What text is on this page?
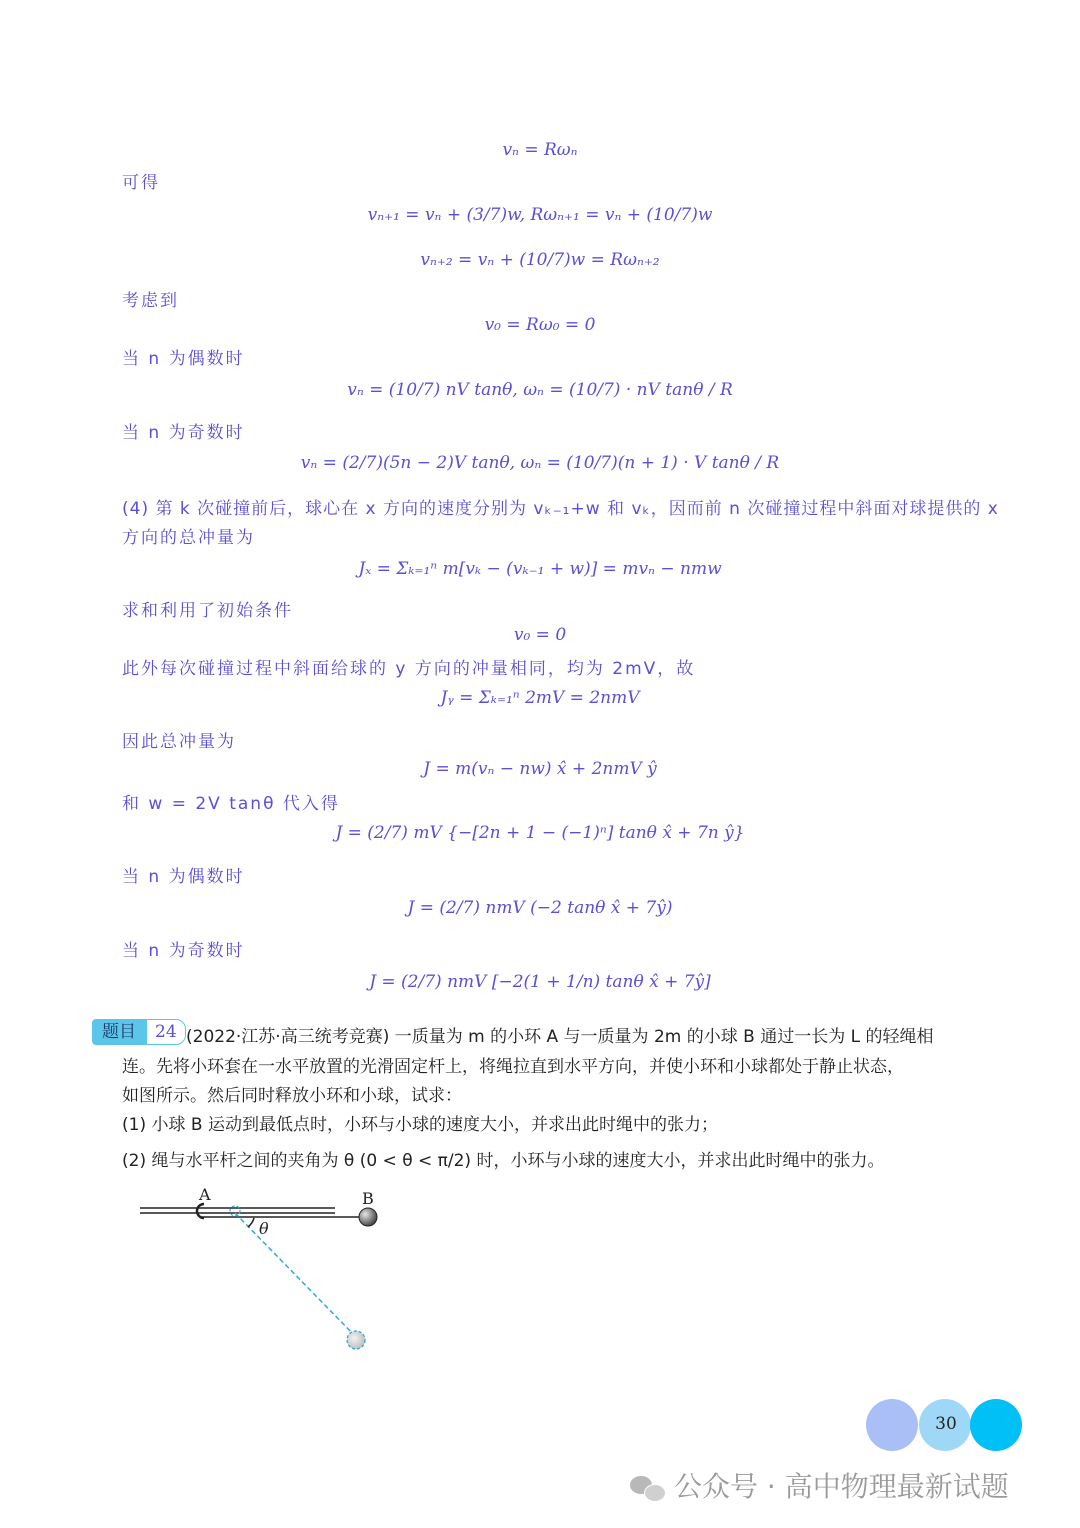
vₙ = Rωₙ
可得
vₙ₊₁ = vₙ + (3/7)w, Rωₙ₊₁ = vₙ + (10/7)w
vₙ₊₂ = vₙ + (10/7)w = Rωₙ₊₂
考虑到
v₀ = Rω₀ = 0
当 n 为偶数时
vₙ = (10/7) nV tanθ, ωₙ = (10/7) · nV tanθ / R
当 n 为奇数时
vₙ = (2/7)(5n − 2)V tanθ, ωₙ = (10/7)(n + 1) · V tanθ / R
(4) 第 k 次碰撞前后，球心在 x 方向的速度分别为 vₖ₋₁+w 和 vₖ，因而前 n 次碰撞过程中斜面对球提供的 x
方向的总冲量为
Jₓ = Σₖ₌₁ⁿ m[vₖ − (vₖ₋₁ + w)] = mvₙ − nmw
求和利用了初始条件
v₀ = 0
此外每次碰撞过程中斜面给球的 y 方向的冲量相同，均为 2mV，故
Jᵧ = Σₖ₌₁ⁿ 2mV = 2nmV
因此总冲量为
J = m(vₙ − nw) x̂ + 2nmV ŷ
和 w = 2V tanθ 代入得
J = (2/7) mV {−[2n + 1 − (−1)ⁿ] tanθ x̂ + 7n ŷ}
当 n 为偶数时
J = (2/7) nmV (−2 tanθ x̂ + 7ŷ)
当 n 为奇数时
J = (2/7) nmV [−2(1 + 1/n) tanθ x̂ + 7ŷ]
题目	24 (2022·江苏·高三统考竞赛) 一质量为 m 的小环 A 与一质量为 2m 的小球 B 通过一长为 L 的轻绳相
连。先将小环套在一水平放置的光滑固定杆上，将绳拉直到水平方向，并使小环和小球都处于静止状态，
如图所示。然后同时释放小环和小球，试求：
(1) 小球 B 运动到最低点时，小环与小球的速度大小，并求出此时绳中的张力；
(2) 绳与水平杆之间的夹角为 θ (0 < θ < π/2) 时，小环与小球的速度大小，并求出此时绳中的张力。
A	B
θ
30
公众号 · 高中物理最新试题
